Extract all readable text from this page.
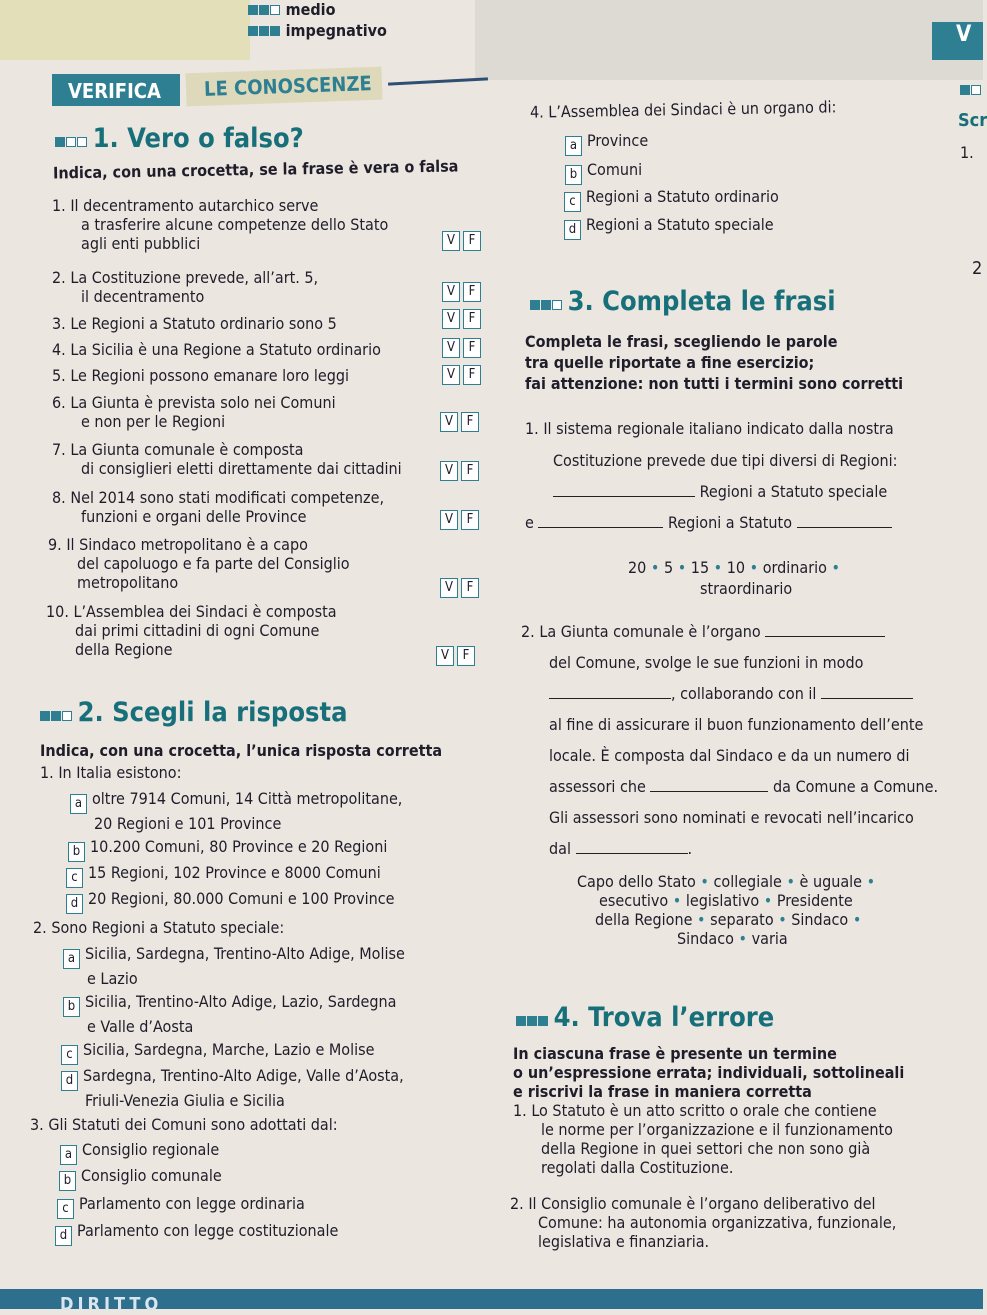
DIRITTO
medio
impegnativo	V
Scr
1.
2
VERIFICA LE CONOSCENZE
1. Vero o falso?
Indica, con una crocetta, se la frase è vera o falsa
1. Il decentramento autarchico serve
a trasferire alcune competenze dello Stato
agli enti pubblici	V	F
2. La Costituzione prevede, all’art. 5,
il decentramento	V	F
3. Le Regioni a Statuto ordinario sono 5	V	F
4. La Sicilia è una Regione a Statuto ordinario	V	F
5. Le Regioni possono emanare loro leggi	V	F
6. La Giunta è prevista solo nei Comuni
e non per le Regioni	V	F
7. La Giunta comunale è composta
di consiglieri eletti direttamente dai cittadini	V	F
8. Nel 2014 sono stati modificati competenze,
funzioni e organi delle Province	V	F
9. Il Sindaco metropolitano è a capo
del capoluogo e fa parte del Consiglio
metropolitano	V	F
10. L’Assemblea dei Sindaci è composta
dai primi cittadini di ogni Comune
della Regione	V	F
2. Scegli la risposta
Indica, con una crocetta, l’unica risposta corretta
1. In Italia esistono:
a oltre 7914 Comuni, 14 Città metropolitane,
20 Regioni e 101 Province
b 10.200 Comuni, 80 Province e 20 Regioni
c 15 Regioni, 102 Province e 8000 Comuni
d 20 Regioni, 80.000 Comuni e 100 Province
2. Sono Regioni a Statuto speciale:
a Sicilia, Sardegna, Trentino-Alto Adige, Molise
e Lazio
b Sicilia, Trentino-Alto Adige, Lazio, Sardegna
e Valle d’Aosta
c Sicilia, Sardegna, Marche, Lazio e Molise
d Sardegna, Trentino-Alto Adige, Valle d’Aosta,
Friuli-Venezia Giulia e Sicilia
3. Gli Statuti dei Comuni sono adottati dal:
a Consiglio regionale
b Consiglio comunale
c Parlamento con legge ordinaria
d Parlamento con legge costituzionale
4. L’Assemblea dei Sindaci è un organo di:
a Province
b Comuni
c Regioni a Statuto ordinario
d Regioni a Statuto speciale
3. Completa le frasi
Completa le frasi, scegliendo le parole
tra quelle riportate a fine esercizio;
fai attenzione: non tutti i termini sono corretti
1. Il sistema regionale italiano indicato dalla nostra
Costituzione prevede due tipi diversi di Regioni:
Regioni a Statuto speciale
e	Regioni a Statuto
20 • 5 • 15 • 10 • ordinario •
straordinario
2. La Giunta comunale è l’organo
del Comune, svolge le sue funzioni in modo
, collaborando con il
al fine di assicurare il buon funzionamento dell’ente
locale. È composta dal Sindaco e da un numero di
assessori che	da Comune a Comune.
Gli assessori sono nominati e revocati nell’incarico
dal	.
Capo dello Stato • collegiale • è uguale •
esecutivo • legislativo • Presidente
della Regione • separato • Sindaco •
Sindaco • varia
4. Trova l’errore
In ciascuna frase è presente un termine
o un’espressione errata; individuali, sottolineali
e riscrivi la frase in maniera corretta
1. Lo Statuto è un atto scritto o orale che contiene
le norme per l’organizzazione e il funzionamento
della Regione in quei settori che non sono già
regolati dalla Costituzione.
2. Il Consiglio comunale è l’organo deliberativo del
Comune: ha autonomia organizzativa, funzionale,
legislativa e finanziaria.
